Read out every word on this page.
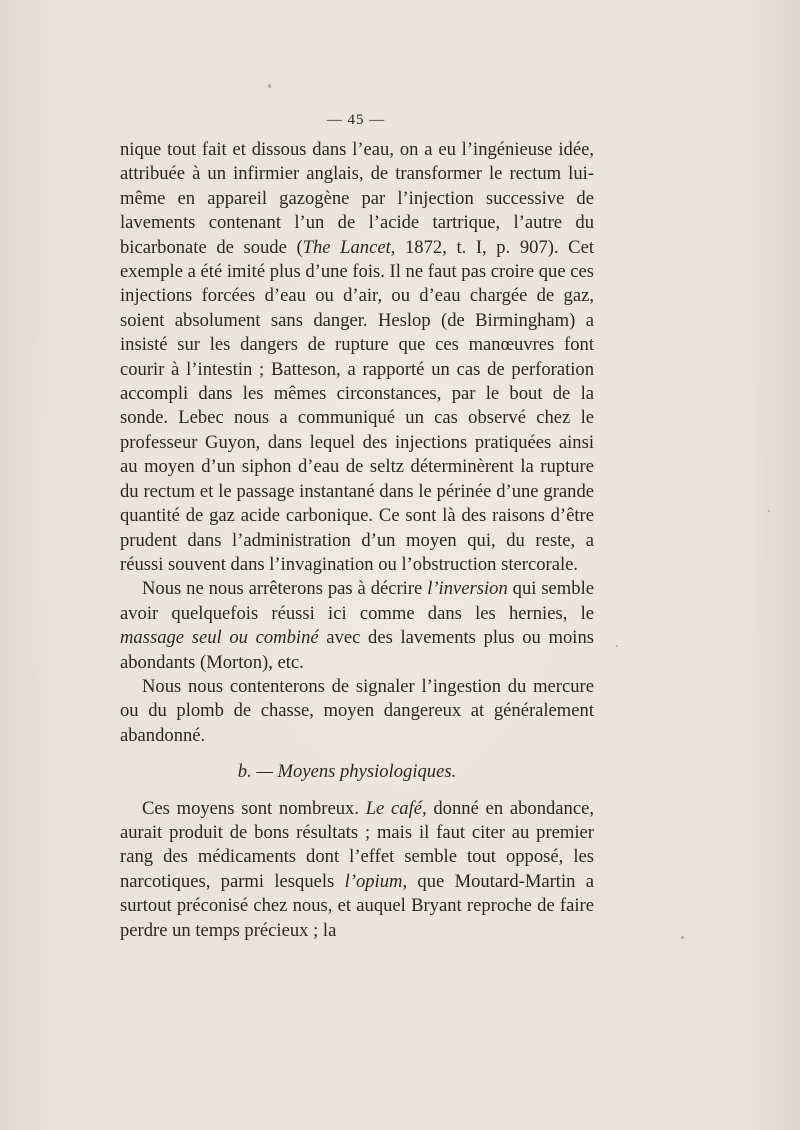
— 45 —

nique tout fait et dissous dans l’eau, on a eu l’ingénieuse idée, attribuée à un infirmier anglais, de transformer le rectum lui-même en appareil gazogène par l’injection successive de lavements contenant l’un de l’acide tartrique, l’autre du bicarbonate de soude (The Lancet, 1872, t. I, p. 907). Cet exemple a été imité plus d’une fois. Il ne faut pas croire que ces injections forcées d’eau ou d’air, ou d’eau chargée de gaz, soient absolument sans danger. Heslop (de Birmingham) a insisté sur les dangers de rupture que ces manœuvres font courir à l’intestin ; Batteson, a rapporté un cas de perforation accompli dans les mêmes circonstances, par le bout de la sonde. Lebec nous a communiqué un cas observé chez le professeur Guyon, dans lequel des injections pratiquées ainsi au moyen d’un siphon d’eau de seltz déterminèrent la rupture du rectum et le passage instantané dans le périnée d’une grande quantité de gaz acide carbonique. Ce sont là des raisons d’être prudent dans l’administration d’un moyen qui, du reste, a réussi souvent dans l’invagination ou l’obstruction stercorale.

Nous ne nous arrêterons pas à décrire l’inversion qui semble avoir quelquefois réussi ici comme dans les hernies, le massage seul ou combiné avec des lavements plus ou moins abondants (Morton), etc.

Nous nous contenterons de signaler l’ingestion du mercure ou du plomb de chasse, moyen dangereux at généralement abandonné.

b. — Moyens physiologiques.

Ces moyens sont nombreux. Le café, donné en abondance, aurait produit de bons résultats ; mais il faut citer au premier rang des médicaments dont l’effet semble tout opposé, les narcotiques, parmi lesquels l’opium, que Moutard-Martin a surtout préconisé chez nous, et auquel Bryant reproche de faire perdre un temps précieux ; la
